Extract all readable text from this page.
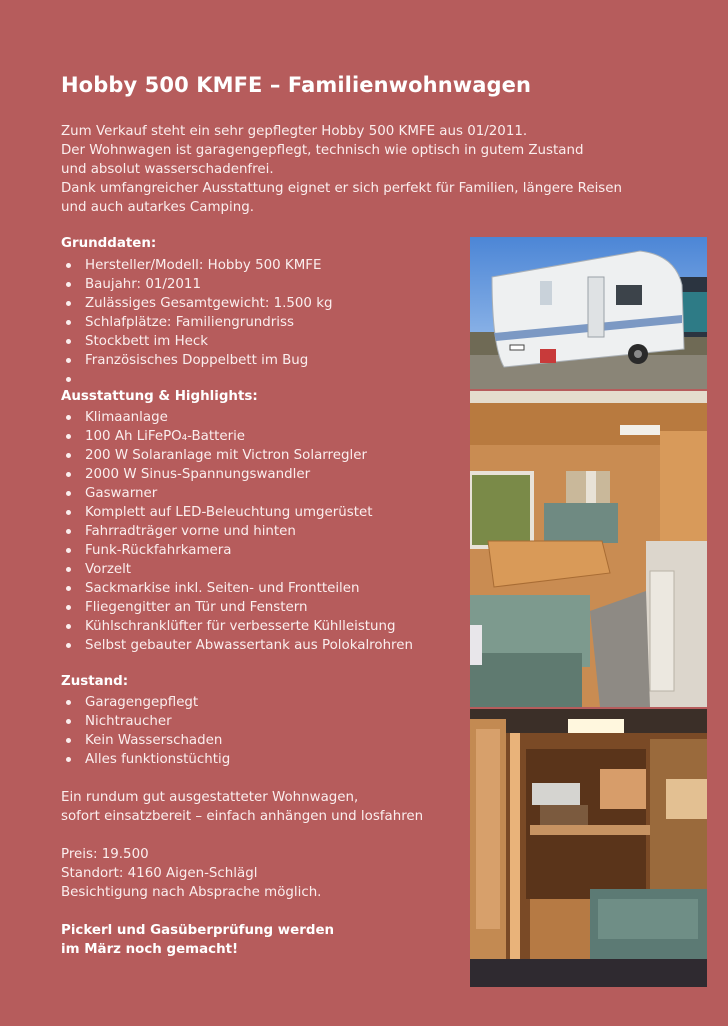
Hobby 500 KMFE – Familienwohnwagen
Zum Verkauf steht ein sehr gepflegter Hobby 500 KMFE aus 01/2011.
Der Wohnwagen ist garagengepflegt, technisch wie optisch in gutem Zustand
und absolut wasserschadenfrei.
Dank umfangreicher Ausstattung eignet er sich perfekt für Familien, längere Reisen
und auch autarkes Camping.
Grunddaten:
Hersteller/Modell: Hobby 500 KMFE
Baujahr: 01/2011
Zulässiges Gesamtgewicht: 1.500 kg
Schlafplätze: Familiengrundriss
Stockbett im Heck
Französisches Doppelbett im Bug
Ausstattung & Highlights:
Klimaanlage
100 Ah LiFePO₄-Batterie
200 W Solaranlage mit Victron Solarregler
2000 W Sinus-Spannungswandler
Gaswarner
Komplett auf LED-Beleuchtung umgerüstet
Fahrradträger vorne und hinten
Funk-Rückfahrkamera
Vorzelt
Sackmarkise inkl. Seiten- und Frontteilen
Fliegengitter an Tür und Fenstern
Kühlschranklüfter für verbesserte Kühlleistung
Selbst gebauter Abwassertank aus Polokalrohren
Zustand:
Garagengepflegt
Nichtraucher
Kein Wasserschaden
Alles funktionstüchtig
Ein rundum gut ausgestatteter Wohnwagen,
sofort einsatzbereit – einfach anhängen und losfahren
Preis: 19.500
Standort: 4160 Aigen-Schlägl
Besichtigung nach Absprache möglich.
Pickerl und Gasüberprüfung werden
im März noch gemacht!
